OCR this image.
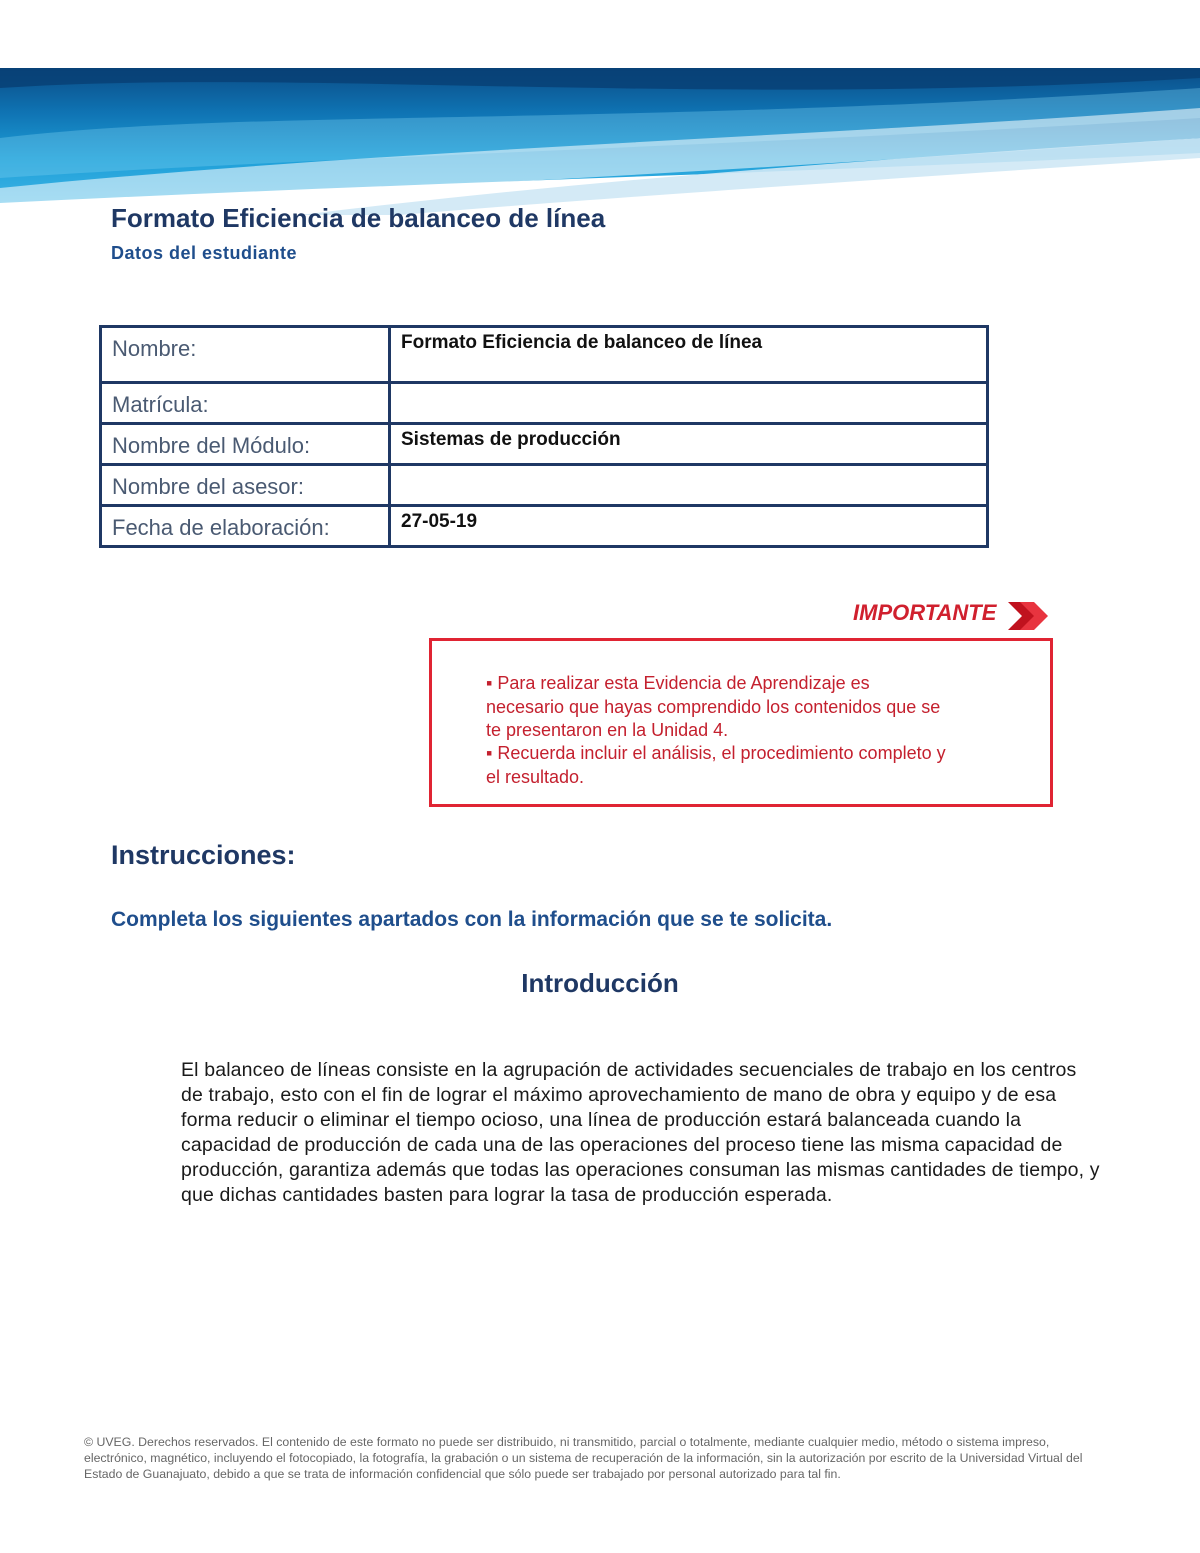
Formato Eficiencia de balanceo de línea
Datos del estudiante
Nombre:	Formato Eficiencia de balanceo de línea
Matrícula:	
Nombre del Módulo:	Sistemas de producción
Nombre del asesor:	
Fecha de elaboración:	27-05-19
IMPORTANTE

▪ Para realizar esta Evidencia de Aprendizaje es

necesario que hayas comprendido los contenidos que se

te presentaron en la Unidad 4.

▪ Recuerda incluir el análisis, el procedimiento completo y

el resultado.

Instrucciones:

Completa los siguientes apartados con la información que se te solicita.

Introducción

El balanceo de líneas consiste en la agrupación de actividades secuenciales de trabajo en los centros de trabajo, esto con el fin de lograr el máximo aprovechamiento de mano de obra y equipo y de esa forma reducir o eliminar el tiempo ocioso, una línea de producción estará balanceada cuando la capacidad de producción de cada una de las operaciones del proceso tiene las misma capacidad de producción, garantiza además que todas las operaciones consuman las mismas cantidades de tiempo, y que dichas cantidades basten para lograr la tasa de producción esperada.

© UVEG. Derechos reservados. El contenido de este formato no puede ser distribuido, ni transmitido, parcial o totalmente, mediante cualquier medio, método o sistema impreso, electrónico, magnético, incluyendo el fotocopiado, la fotografía, la grabación o un sistema de recuperación de la información, sin la autorización por escrito de la Universidad Virtual del Estado de Guanajuato, debido a que se trata de información confidencial que sólo puede ser trabajado por personal autorizado para tal fin.
